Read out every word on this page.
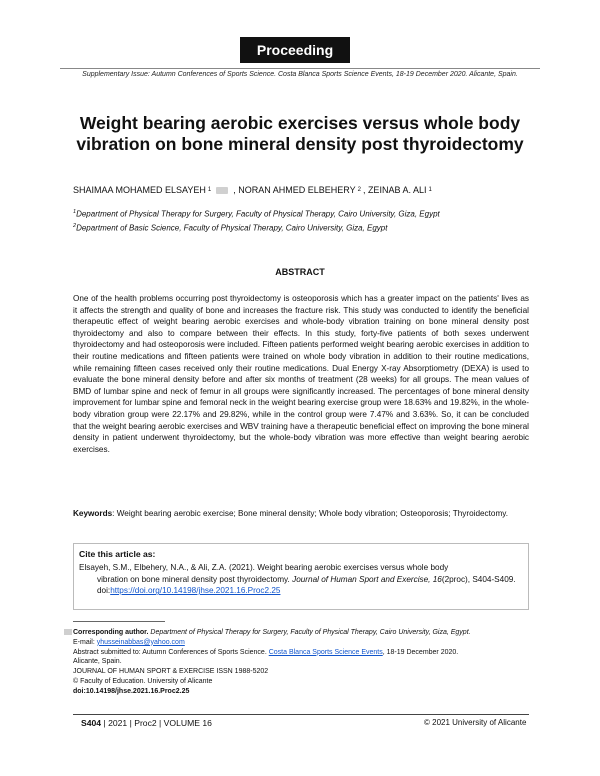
Proceeding
Supplementary Issue: Autumn Conferences of Sports Science. Costa Blanca Sports Science Events, 18-19 December 2020. Alicante, Spain.
Weight bearing aerobic exercises versus whole body
vibration on bone mineral density post thyroidectomy
SHAIMAA MOHAMED ELSAYEH 1 , NORAN AHMED ELBEHERY 2 , ZEINAB A. ALI 1
$^1$Department of Physical Therapy for Surgery, Faculty of Physical Therapy, Cairo University, Giza, Egypt
$^2$Department of Basic Science, Faculty of Physical Therapy, Cairo University, Giza, Egypt
ABSTRACT
One of the health problems occurring post thyroidectomy is osteoporosis which has a greater impact on the patients' lives as it affects the strength and quality of bone and increases the fracture risk. This study was conducted to identify the beneficial therapeutic effect of weight bearing aerobic exercises and whole-body vibration training on bone mineral density post thyroidectomy and also to compare between their effects. In this study, forty-five patients of both sexes underwent thyroidectomy and had osteoporosis were included. Fifteen patients performed weight bearing aerobic exercises in addition to their routine medications and fifteen patients were trained on whole body vibration in addition to their routine medications, while remaining fifteen cases received only their routine medications. Dual Energy X-ray Absorptiometry (DEXA) is used to evaluate the bone mineral density before and after six months of treatment (28 weeks) for all groups. The mean values of BMD of lumbar spine and neck of femur in all groups were significantly increased. The percentages of bone mineral density improvement for lumbar spine and femoral neck in the weight bearing exercise group were 18.63% and 19.82%, in the whole-body vibration group were 22.17% and 29.82%, while in the control group were 7.47% and 3.63%. So, it can be concluded that the weight bearing aerobic exercises and WBV training have a therapeutic beneficial effect on improving the bone mineral density in patient underwent thyroidectomy, but the whole-body vibration was more effective than weight bearing aerobic exercises.
Keywords: Weight bearing aerobic exercise; Bone mineral density; Whole body vibration; Osteoporosis; Thyroidectomy.
Cite this article as:
Elsayeh, S.M., Elbehery, N.A., & Ali, Z.A. (2021). Weight bearing aerobic exercises versus whole body
vibration on bone mineral density post thyroidectomy. Journal of Human Sport and Exercise, 16(2proc), S404-S409. doi:https://doi.org/10.14198/jhse.2021.16.Proc2.25
Corresponding author. Department of Physical Therapy for Surgery, Faculty of Physical Therapy, Cairo University, Giza, Egypt.
E-mail: yhusseinabbas@yahoo.com
Abstract submitted to: Autumn Conferences of Sports Science. Costa Blanca Sports Science Events, 18-19 December 2020.
Alicante, Spain.
JOURNAL OF HUMAN SPORT & EXERCISE ISSN 1988-5202
© Faculty of Education. University of Alicante
doi:10.14198/jhse.2021.16.Proc2.25
S404 | 2021 | Proc2 | VOLUME 16	© 2021 University of Alicante
